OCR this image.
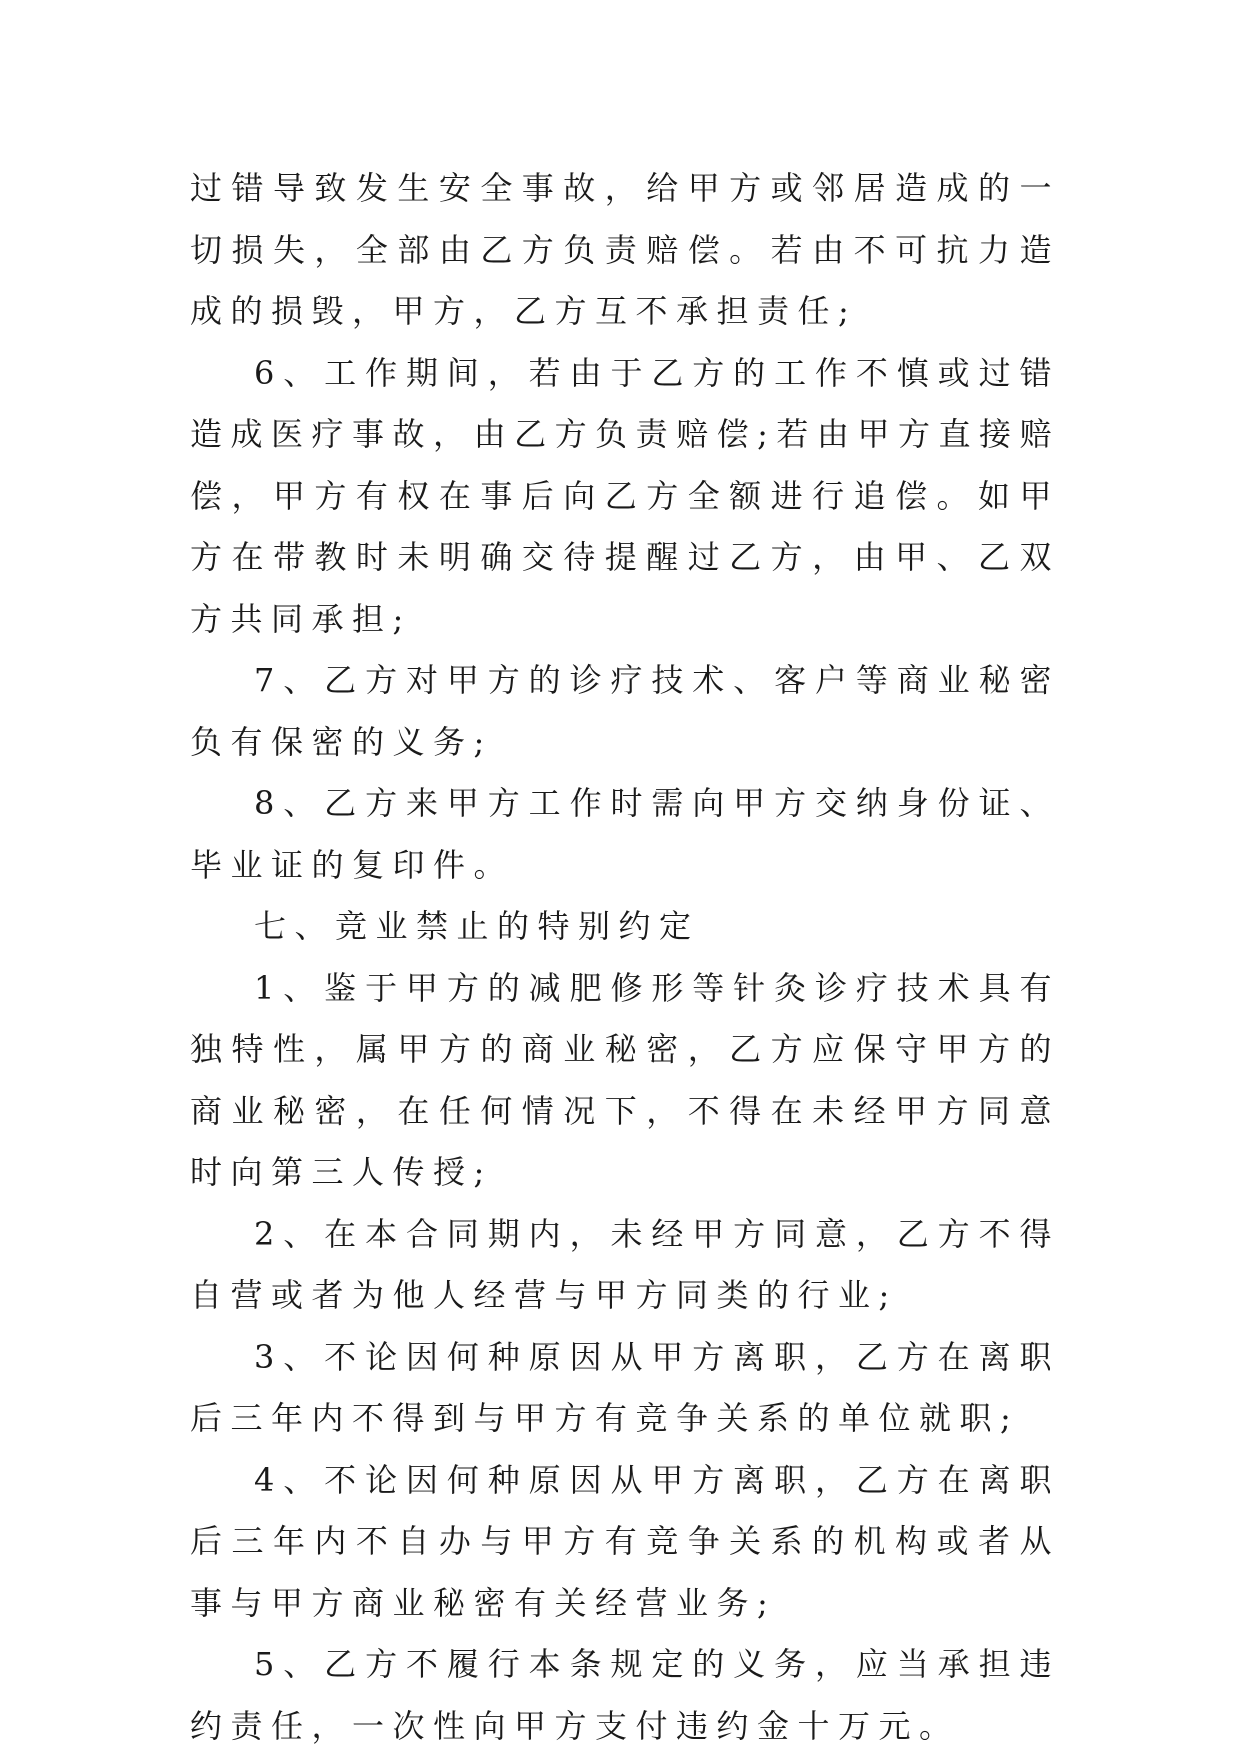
过错导致发生安全事故，给甲方或邻居造成的一切损失，全部由乙方负责赔偿。若由不可抗力造成的损毁，甲方，乙方互不承担责任;

6、工作期间，若由于乙方的工作不慎或过错造成医疗事故，由乙方负责赔偿;若由甲方直接赔偿，甲方有权在事后向乙方全额进行追偿。如甲方在带教时未明确交待提醒过乙方，由甲、乙双方共同承担;

7、乙方对甲方的诊疗技术、客户等商业秘密负有保密的义务;

8、乙方来甲方工作时需向甲方交纳身份证、毕业证的复印件。

七、竞业禁止的特别约定

1、鉴于甲方的减肥修形等针灸诊疗技术具有独特性，属甲方的商业秘密，乙方应保守甲方的商业秘密，在任何情况下，不得在未经甲方同意时向第三人传授;

2、在本合同期内，未经甲方同意，乙方不得自营或者为他人经营与甲方同类的行业;

3、不论因何种原因从甲方离职，乙方在离职后三年内不得到与甲方有竞争关系的单位就职;

4、不论因何种原因从甲方离职，乙方在离职后三年内不自办与甲方有竞争关系的机构或者从事与甲方商业秘密有关经营业务;

5、乙方不履行本条规定的义务，应当承担违约责任，一次性向甲方支付违约金十万元。
